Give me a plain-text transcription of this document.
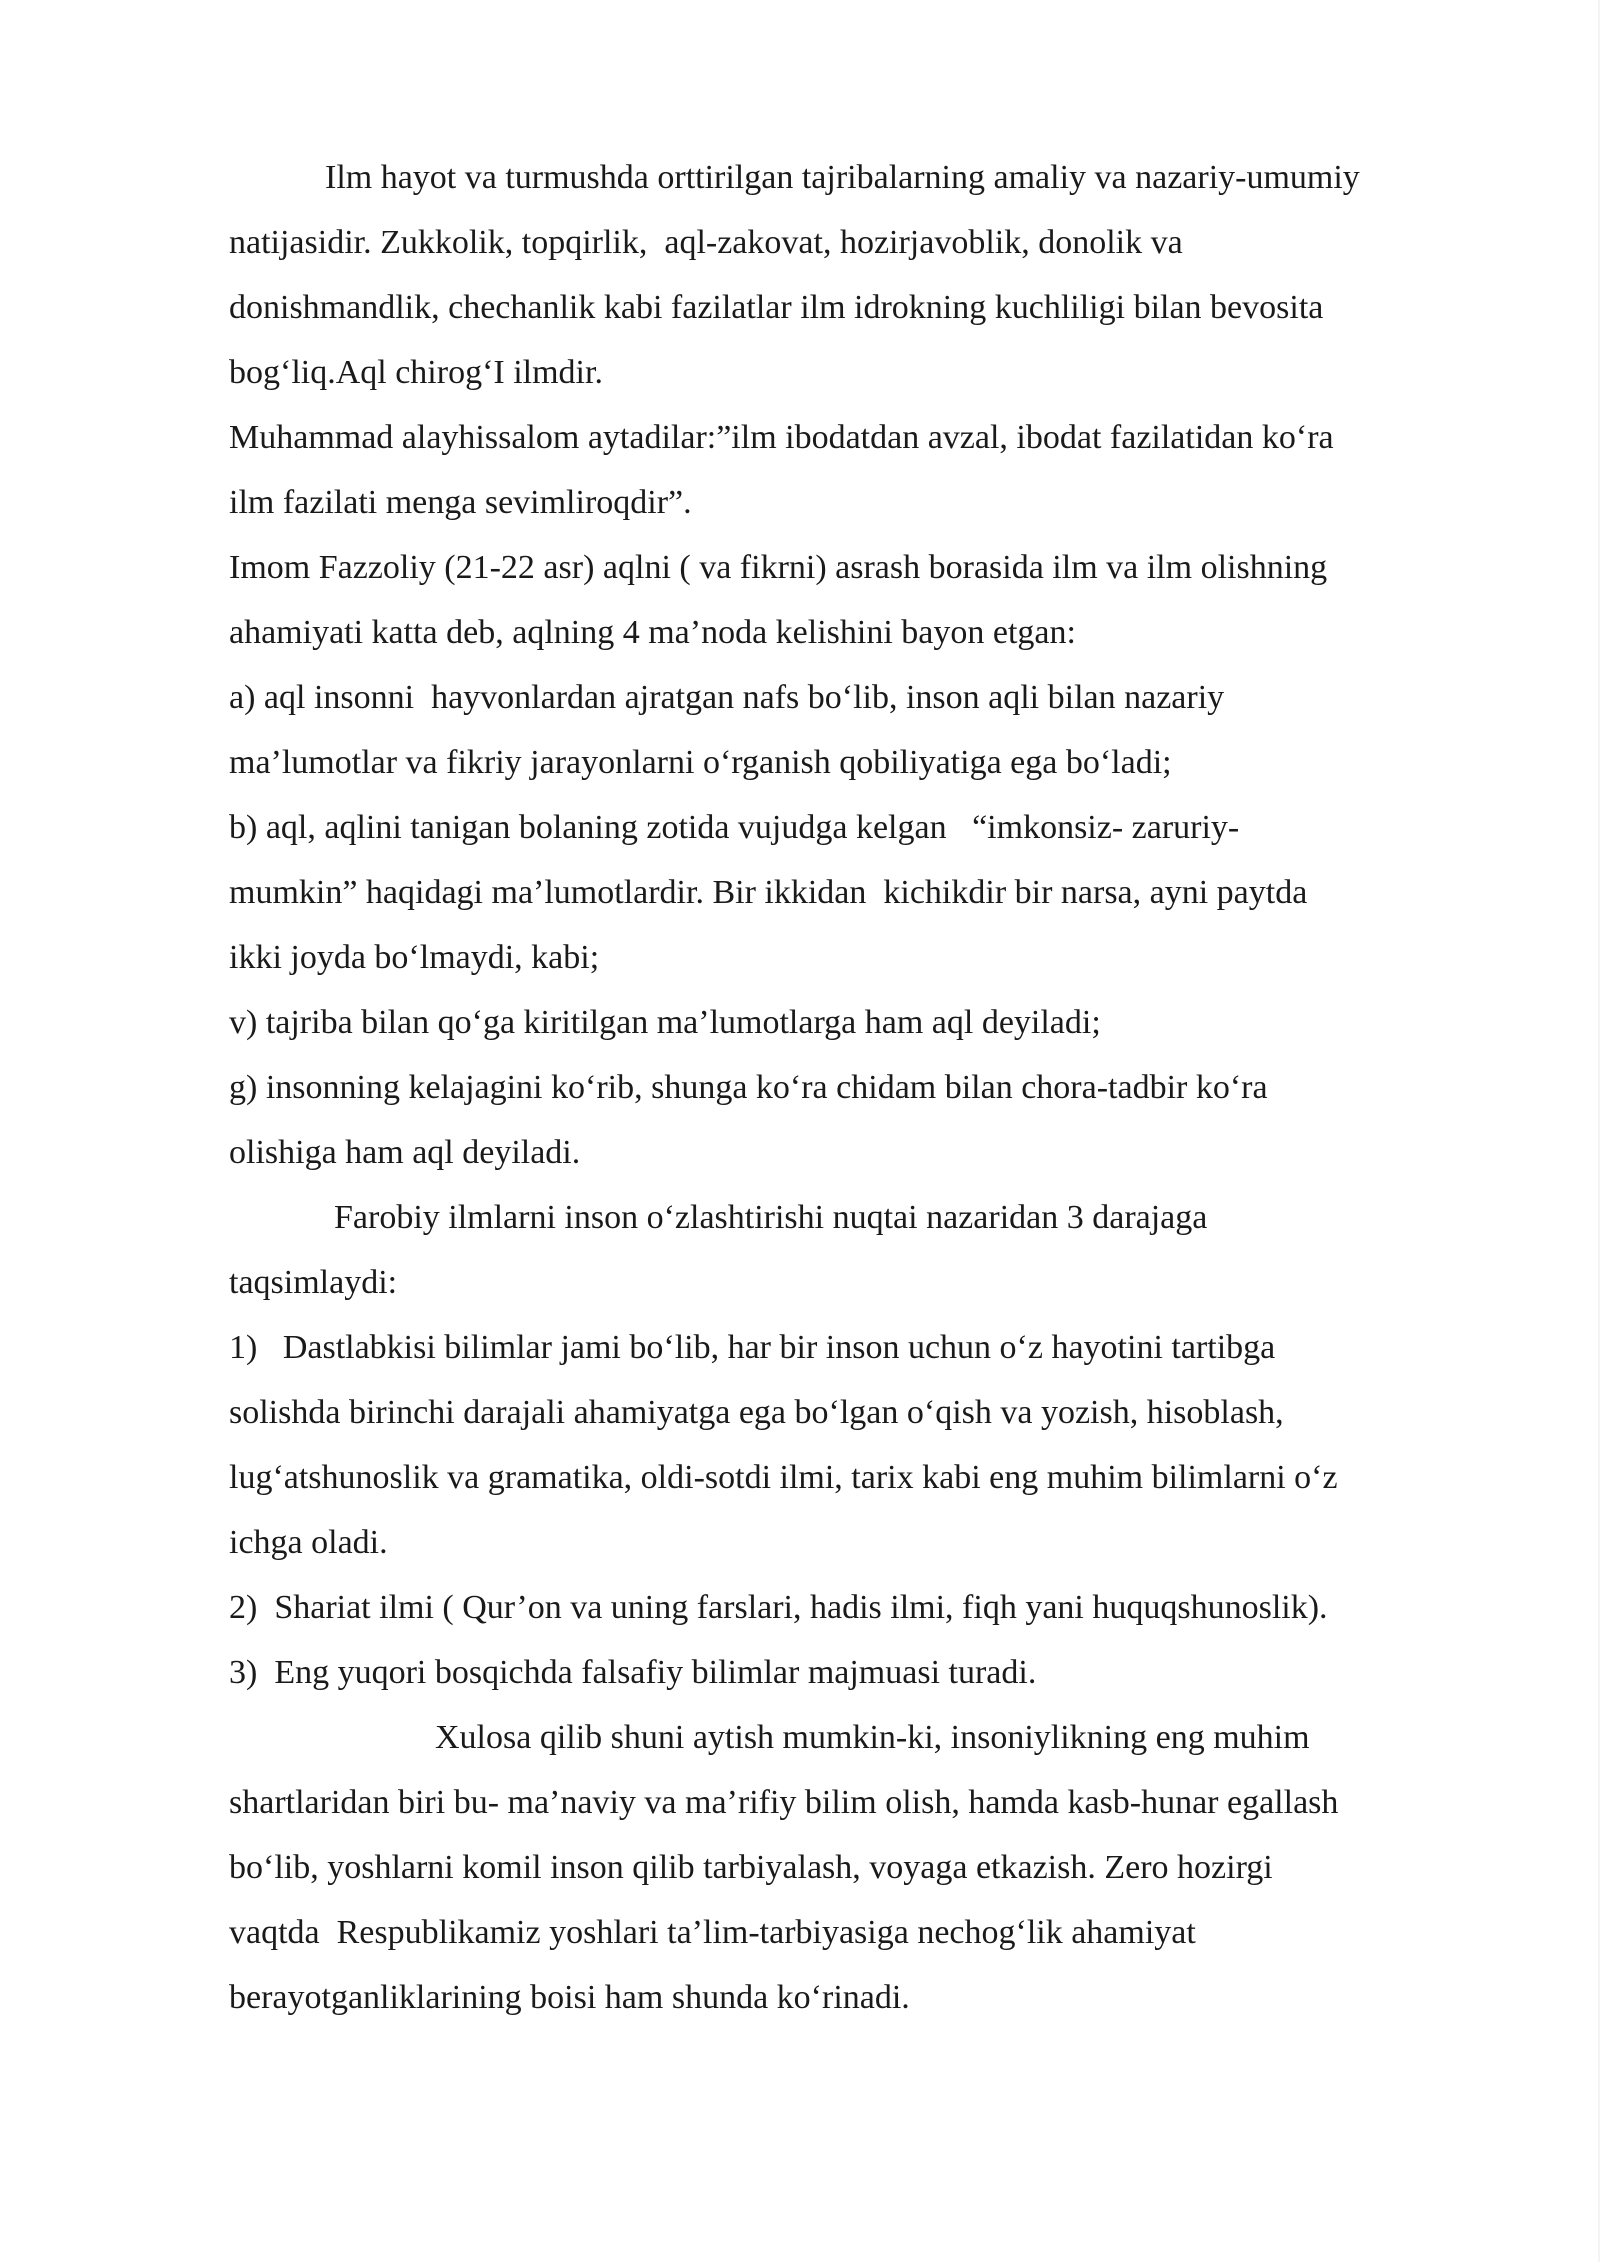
Ilm hayot va turmushda orttirilgan tajribalarning amaliy va nazariy-umumiy
natijasidir. Zukkolik, topqirlik,  aql-zakovat, hozirjavoblik, donolik va
donishmandlik, chechanlik kabi fazilatlar ilm idrokning kuchliligi bilan bevosita
bog‘liq.Aql chirog‘I ilmdir.
Muhammad alayhissalom aytadilar:”ilm ibodatdan avzal, ibodat fazilatidan ko‘ra
ilm fazilati menga sevimliroqdir”.
Imom Fazzoliy (21-22 asr) aqlni ( va fikrni) asrash borasida ilm va ilm olishning
ahamiyati katta deb, aqlning 4 ma’noda kelishini bayon etgan:
a) aql insonni  hayvonlardan ajratgan nafs bo‘lib, inson aqli bilan nazariy
ma’lumotlar va fikriy jarayonlarni o‘rganish qobiliyatiga ega bo‘ladi;
b) aql, aqlini tanigan bolaning zotida vujudga kelgan   “imkonsiz- zaruriy-
mumkin” haqidagi ma’lumotlardir. Bir ikkidan  kichikdir bir narsa, ayni paytda
ikki joyda bo‘lmaydi, kabi;
v) tajriba bilan qo‘ga kiritilgan ma’lumotlarga ham aql deyiladi;
g) insonning kelajagini ko‘rib, shunga ko‘ra chidam bilan chora-tadbir ko‘ra
olishiga ham aql deyiladi.
Farobiy ilmlarni inson o‘zlashtirishi nuqtai nazaridan 3 darajaga
taqsimlaydi:
1)   Dastlabkisi bilimlar jami bo‘lib, har bir inson uchun o‘z hayotini tartibga
solishda birinchi darajali ahamiyatga ega bo‘lgan o‘qish va yozish, hisoblash,
lug‘atshunoslik va gramatika, oldi-sotdi ilmi, tarix kabi eng muhim bilimlarni o‘z
ichga oladi.
2)  Shariat ilmi ( Qur’on va uning farslari, hadis ilmi, fiqh yani huquqshunoslik).
3)  Eng yuqori bosqichda falsafiy bilimlar majmuasi turadi.
Xulosa qilib shuni aytish mumkin-ki, insoniylikning eng muhim
shartlaridan biri bu- ma’naviy va ma’rifiy bilim olish, hamda kasb-hunar egallash
bo‘lib, yoshlarni komil inson qilib tarbiyalash, voyaga etkazish. Zero hozirgi
vaqtda  Respublikamiz yoshlari ta’lim-tarbiyasiga nechog‘lik ahamiyat
berayotganliklarining boisi ham shunda ko‘rinadi.
